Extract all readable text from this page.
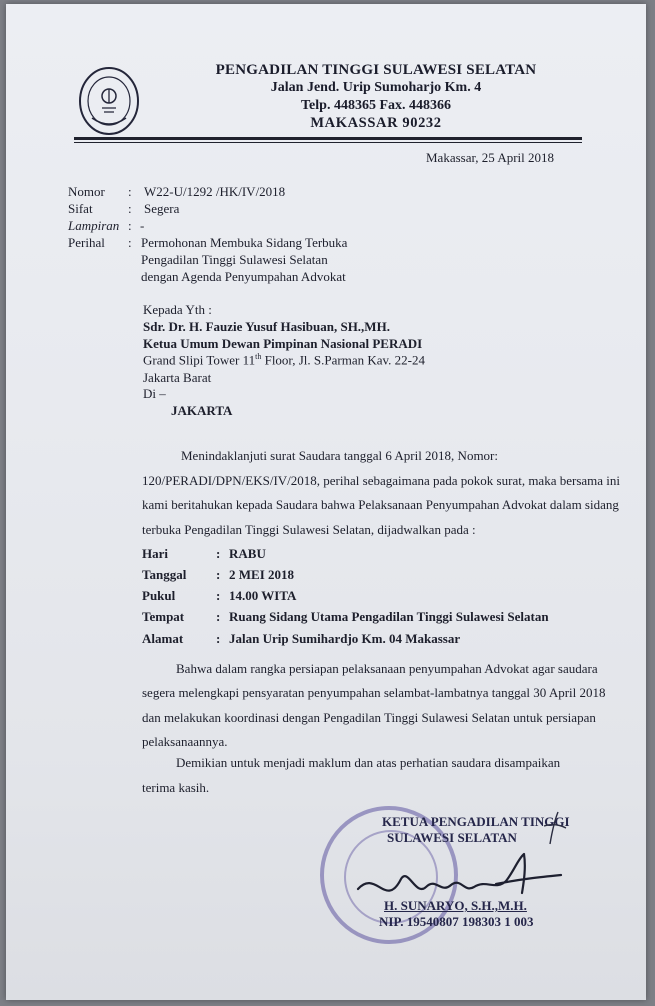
PENGADILAN TINGGI SULAWESI SELATAN
Jalan Jend. Urip Sumoharjo Km. 4
Telp. 448365 Fax. 448366
MAKASSAR 90232
Makassar, 25 April 2018
Nomor : W22-U/1292 /HK/IV/2018
Sifat	: Segera
Lampiran : -
Perihal : Permohonan Membuka Sidang Terbuka
Pengadilan Tinggi Sulawesi Selatan
dengan Agenda Penyumpahan Advokat
Kepada Yth :
Sdr. Dr. H. Fauzie Yusuf Hasibuan, SH.,MH.
Ketua Umum Dewan Pimpinan Nasional PERADI
Grand Slipi Tower 11th Floor, Jl. S.Parman Kav. 22-24
Jakarta Barat
Di –
JAKARTA
Menindaklanjuti surat Saudara tanggal 6 April 2018, Nomor:
120/PERADI/DPN/EKS/IV/2018, perihal sebagaimana pada pokok surat, maka bersama ini
kami beritahukan kepada Saudara bahwa Pelaksanaan Penyumpahan Advokat dalam sidang
terbuka Pengadilan Tinggi Sulawesi Selatan, dijadwalkan pada :
Hari	: RABU
Tanggal : 2 MEI 2018
Pukul	: 14.00 WITA
Tempat : Ruang Sidang Utama Pengadilan Tinggi Sulawesi Selatan
Alamat	: Jalan Urip Sumihardjo Km. 04 Makassar
Bahwa dalam rangka persiapan pelaksanaan penyumpahan Advokat agar saudara
segera melengkapi pensyaratan penyumpahan selambat-lambatnya tanggal 30 April 2018
dan melakukan koordinasi dengan Pengadilan Tinggi Sulawesi Selatan untuk persiapan
pelaksanaannya.
Demikian untuk menjadi maklum dan atas perhatian saudara disampaikan
terima kasih.
KETUA PENGADILAN TINGGI
SULAWESI SELATAN
H. SUNARYO, S.H.,M.H.
NIP. 19540807 198303 1 003
